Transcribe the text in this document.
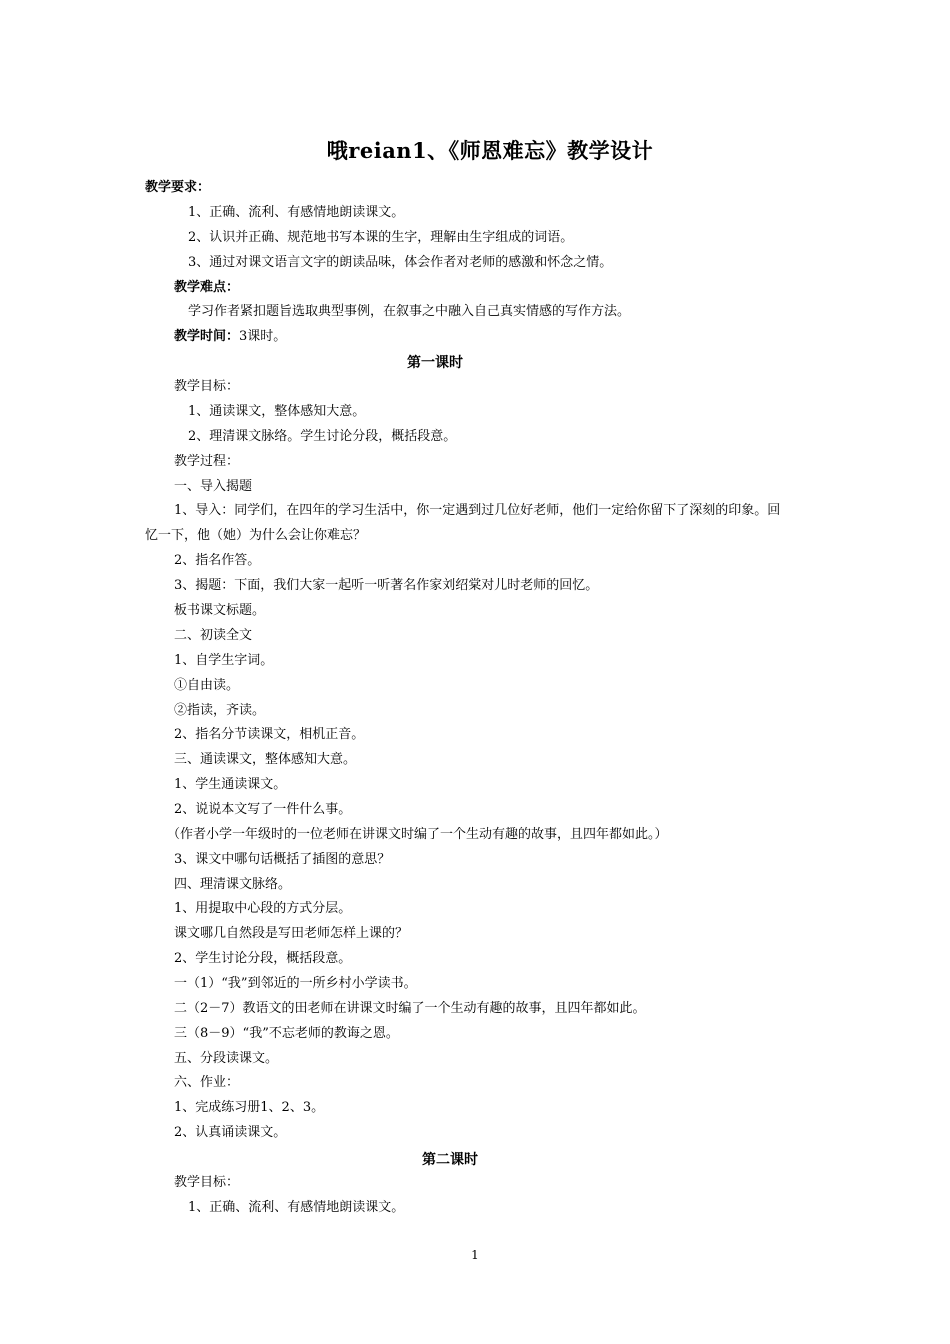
哦reian1、《师恩难忘》教学设计
教学要求：
1、正确、流利、有感情地朗读课文。
2、认识并正确、规范地书写本课的生字，理解由生字组成的词语。
3、通过对课文语言文字的朗读品味，体会作者对老师的感激和怀念之情。
教学难点：
学习作者紧扣题旨选取典型事例，在叙事之中融入自己真实情感的写作方法。
教学时间：3课时。
第一课时
教学目标：
1、通读课文，整体感知大意。
2、理清课文脉络。学生讨论分段，概括段意。
教学过程：
一、导入揭题
1、导入：同学们，在四年的学习生活中，你一定遇到过几位好老师，他们一定给你留下了深刻的印象。回
忆一下，他（她）为什么会让你难忘？
2、指名作答。
3、揭题：下面，我们大家一起听一听著名作家刘绍棠对儿时老师的回忆。
板书课文标题。
二、初读全文
1、自学生字词。
①自由读。
②指读，齐读。
2、指名分节读课文，相机正音。
三、通读课文，整体感知大意。
1、学生通读课文。
2、说说本文写了一件什么事。
（作者小学一年级时的一位老师在讲课文时编了一个生动有趣的故事，且四年都如此。）
3、课文中哪句话概括了插图的意思？
四、理清课文脉络。
1、用提取中心段的方式分层。
课文哪几自然段是写田老师怎样上课的？
2、学生讨论分段，概括段意。
一（1）“我”到邻近的一所乡村小学读书。
二（2－7）教语文的田老师在讲课文时编了一个生动有趣的故事，且四年都如此。
三（8－9）“我”不忘老师的教诲之恩。
五、分段读课文。
六、作业：
1、完成练习册1、2、3。
2、认真诵读课文。
第二课时
教学目标：
1、正确、流利、有感情地朗读课文。
1
